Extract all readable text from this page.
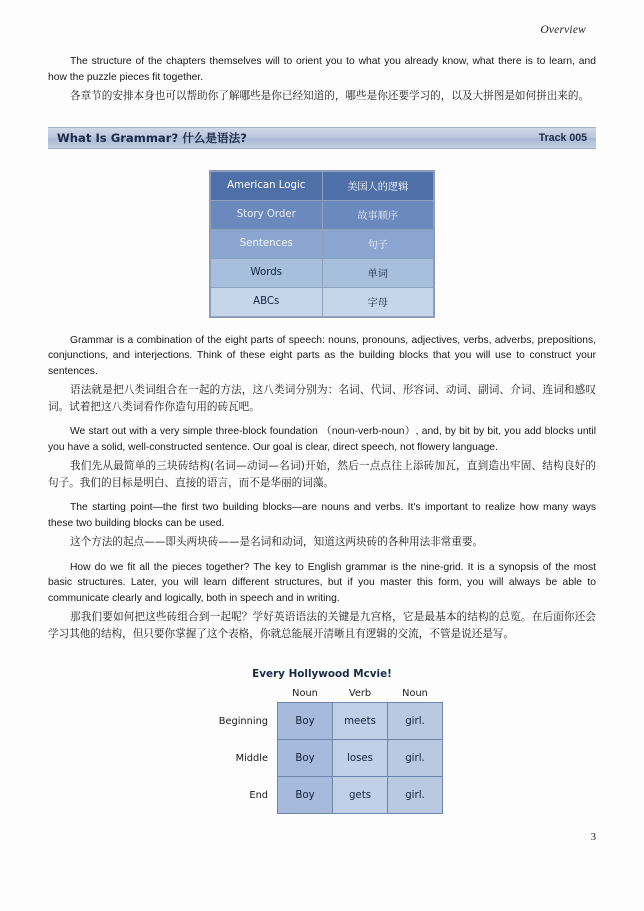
Overview

The structure of the chapters themselves will to orient you to what you already know, what there is to learn, and how the puzzle pieces fit together.

各章节的安排本身也可以帮助你了解哪些是你已经知道的，哪些是你还要学习的，以及大拼图是如何拼出来的。

What Is Grammar? 什么是语法?	Track 005
American Logic	美国人的逻辑
Story Order	故事顺序
Sentences	句子
Words	单词
ABCs	字母

Grammar is a combination of the eight parts of speech: nouns, pronouns, adjectives, verbs, adverbs, prepositions, conjunctions, and interjections. Think of these eight parts as the building blocks that you will use to construct your sentences.

语法就是把八类词组合在一起的方法，这八类词分别为：名词、代词、形容词、动词、副词、介词、连词和感叹词。试着把这八类词看作你造句用的砖瓦吧。

We start out with a very simple three-block foundation （noun-verb-noun）, and, by bit by bit, you add blocks until you have a solid, well-constructed sentence. Our goal is clear, direct speech, not flowery language.

我们先从最简单的三块砖结构(名词—动词—名词)开始，然后一点点往上添砖加瓦，直到造出牢固、结构良好的句子。我们的目标是明白、直接的语言，而不是华丽的词藻。

The starting point—the first two building blocks—are nouns and verbs. It's important to realize how many ways these two building blocks can be used.

这个方法的起点——即头两块砖——是名词和动词，知道这两块砖的各种用法非常重要。

How do we fit all the pieces together? The key to English grammar is the nine-grid. It is a synopsis of the most basic structures. Later, you will learn different structures, but if you master this form, you will always be able to communicate clearly and logically, both in speech and in writing.

那我们要如何把这些砖组合到一起呢？学好英语语法的关键是九宫格，它是最基本的结构的总览。在后面你还会学习其他的结构，但只要你掌握了这个表格，你就总能展开清晰且有逻辑的交流，不管是说还是写。

Every Hollywood Mcvie!
	Noun	Verb	Noun
Beginning	Boy	meets	girl.
Middle	Boy	loses	girl.
End	Boy	gets	girl.
3
